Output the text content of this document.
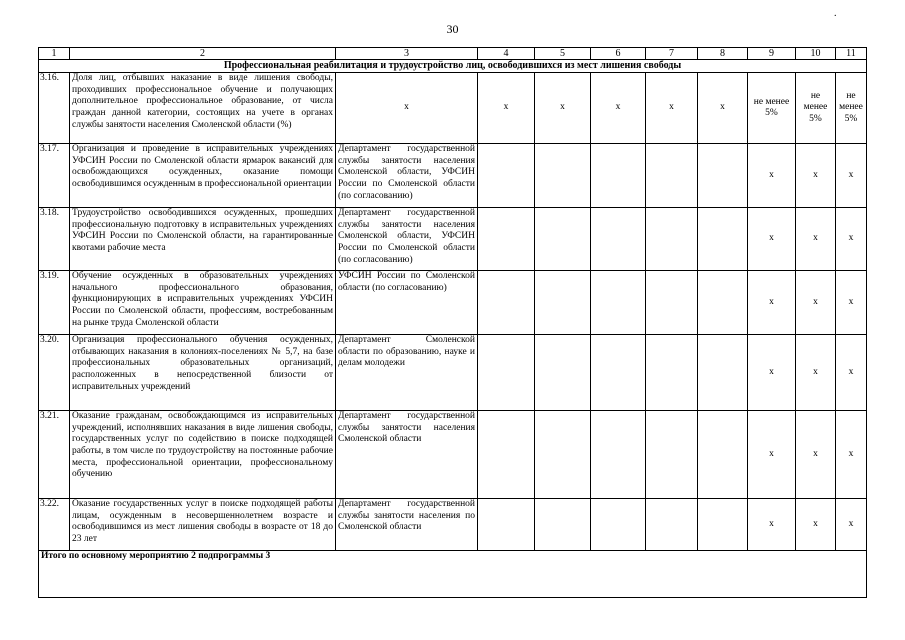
30
.
1	2	3	4	5	6	7	8	9	10	11
Профессиональная реабилитация и трудоустройство лиц, освободившихся из мест лишения свободы										
3.16.	Доля лиц, отбывших наказание в виде лишения свободы, проходивших профессиональное обучение и получающих дополнительное профессиональное образование, от числа граждан данной категории, состоящих на учете в органах службы занятости населения Смоленской области (%)	x	x	x	x	x	x	не менее 5%	не менее 5%	не менее 5%
3.17.	Организация и проведение в исправительных учреждениях УФСИН России по Смоленской области ярмарок вакансий для освобождающихся осужденных, оказание помощи освободившимся осужденным в профессиональной ориентации	Департамент государственной службы занятости населения Смоленской области, УФСИН России по Смоленской области (по согласованию)						x	x	x
3.18.	Трудоустройство освободившихся осужденных, прошедших профессиональную подготовку в исправительных учреждениях УФСИН России по Смоленской области, на гарантированные квотами рабочие места	Департамент государственной службы занятости населения Смоленской области, УФСИН России по Смоленской области (по согласованию)						x	x	x
3.19.	Обучение осужденных в образовательных учреждениях начального профессионального образования, функционирующих в исправительных учреждениях УФСИН России по Смоленской области, профессиям, востребованным на рынке труда Смоленской области	УФСИН России по Смоленской области (по согласованию)						x	x	x
3.20.	Организация профессионального обучения осужденных, отбывающих наказания в колониях-поселениях № 5,7, на базе профессиональных образовательных организаций, расположенных в непосредственной близости от исправительных учреждений	Департамент Смоленской области по образованию, науке и делам молодежи						x	x	x
3.21.	Оказание гражданам, освобождающимся из исправительных учреждений, исполнявших наказания в виде лишения свободы, государственных услуг по содействию в поиске подходящей работы, в том числе по трудоустройству на постоянные рабочие места, профессиональной ориентации, профессиональному обучению	Департамент государственной службы занятости населения Смоленской области						x	x	x
3.22.	Оказание государственных услуг в поиске подходящей работы лицам, осужденным в несовершеннолетнем возрасте и освободившимся из мест лишения свободы в возрасте от 18 до 23 лет	Департамент государственной службы занятости населения по Смоленской области						x	x	x
Итого по основному мероприятию 2 подпрограммы 3										
